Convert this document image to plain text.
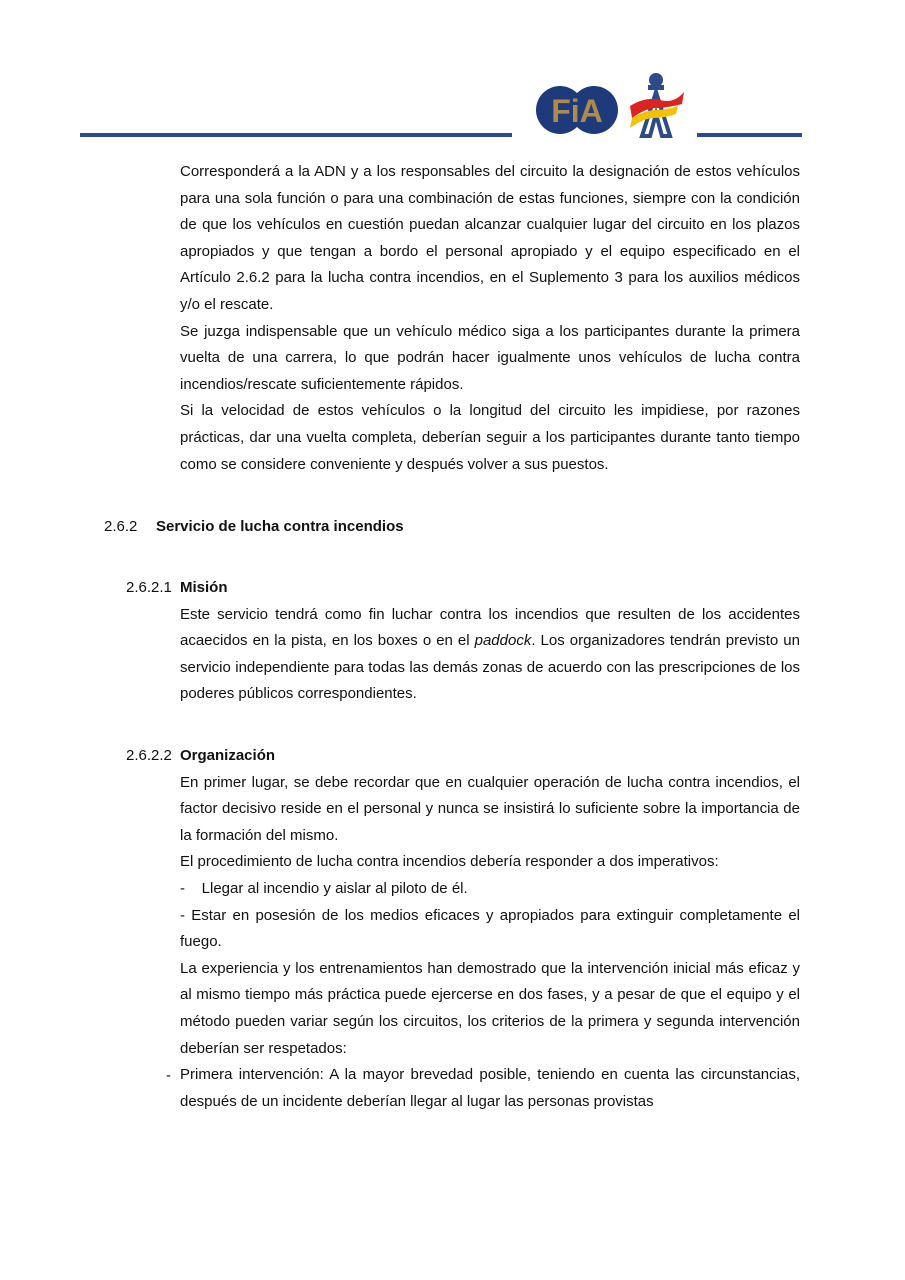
FiA

Corresponderá a la ADN y a los responsables del circuito la designación de estos vehículos para una sola función o para una combinación de estas funciones, siempre con la condición de que los vehículos en cuestión puedan alcanzar cualquier lugar del circuito en los plazos apropiados y que tengan a bordo el personal apropiado y el equipo especificado en el Artículo 2.6.2 para la lucha contra incendios, en el Suplemento 3 para los auxilios médicos y/o el rescate.

Se juzga indispensable que un vehículo médico siga a los participantes durante la primera vuelta de una carrera, lo que podrán hacer igualmente unos vehículos de lucha contra incendios/rescate suficientemente rápidos.

Si la velocidad de estos vehículos o la longitud del circuito les impidiese, por razones prácticas, dar una vuelta completa, deberían seguir a los participantes durante tanto tiempo como se considere conveniente y después volver a sus puestos.

2.6.2 Servicio de lucha contra incendios
2.6.2.1 Misión

Este servicio tendrá como fin luchar contra los incendios que resulten de los accidentes acaecidos en la pista, en los boxes o en el paddock. Los organizadores tendrán previsto un servicio independiente para todas las demás zonas de acuerdo con las prescripciones de los poderes públicos correspondientes.

2.6.2.2 Organización

En primer lugar, se debe recordar que en cualquier operación de lucha contra incendios, el factor decisivo reside en el personal y nunca se insistirá lo suficiente sobre la importancia de la formación del mismo.

El procedimiento de lucha contra incendios debería responder a dos imperativos:

-    Llegar al incendio y aislar al piloto de él.

- Estar en posesión de los medios eficaces y apropiados para extinguir completamente el fuego.

La experiencia y los entrenamientos han demostrado que la intervención inicial más eficaz y al mismo tiempo más práctica puede ejercerse en dos fases, y a pesar de que el equipo y el método pueden variar según los circuitos, los criterios de la primera y segunda intervención deberían ser respetados:

Primera intervención: A la mayor brevedad posible, teniendo en cuenta las circunstancias, después de un incidente deberían llegar al lugar las personas provistas

-
